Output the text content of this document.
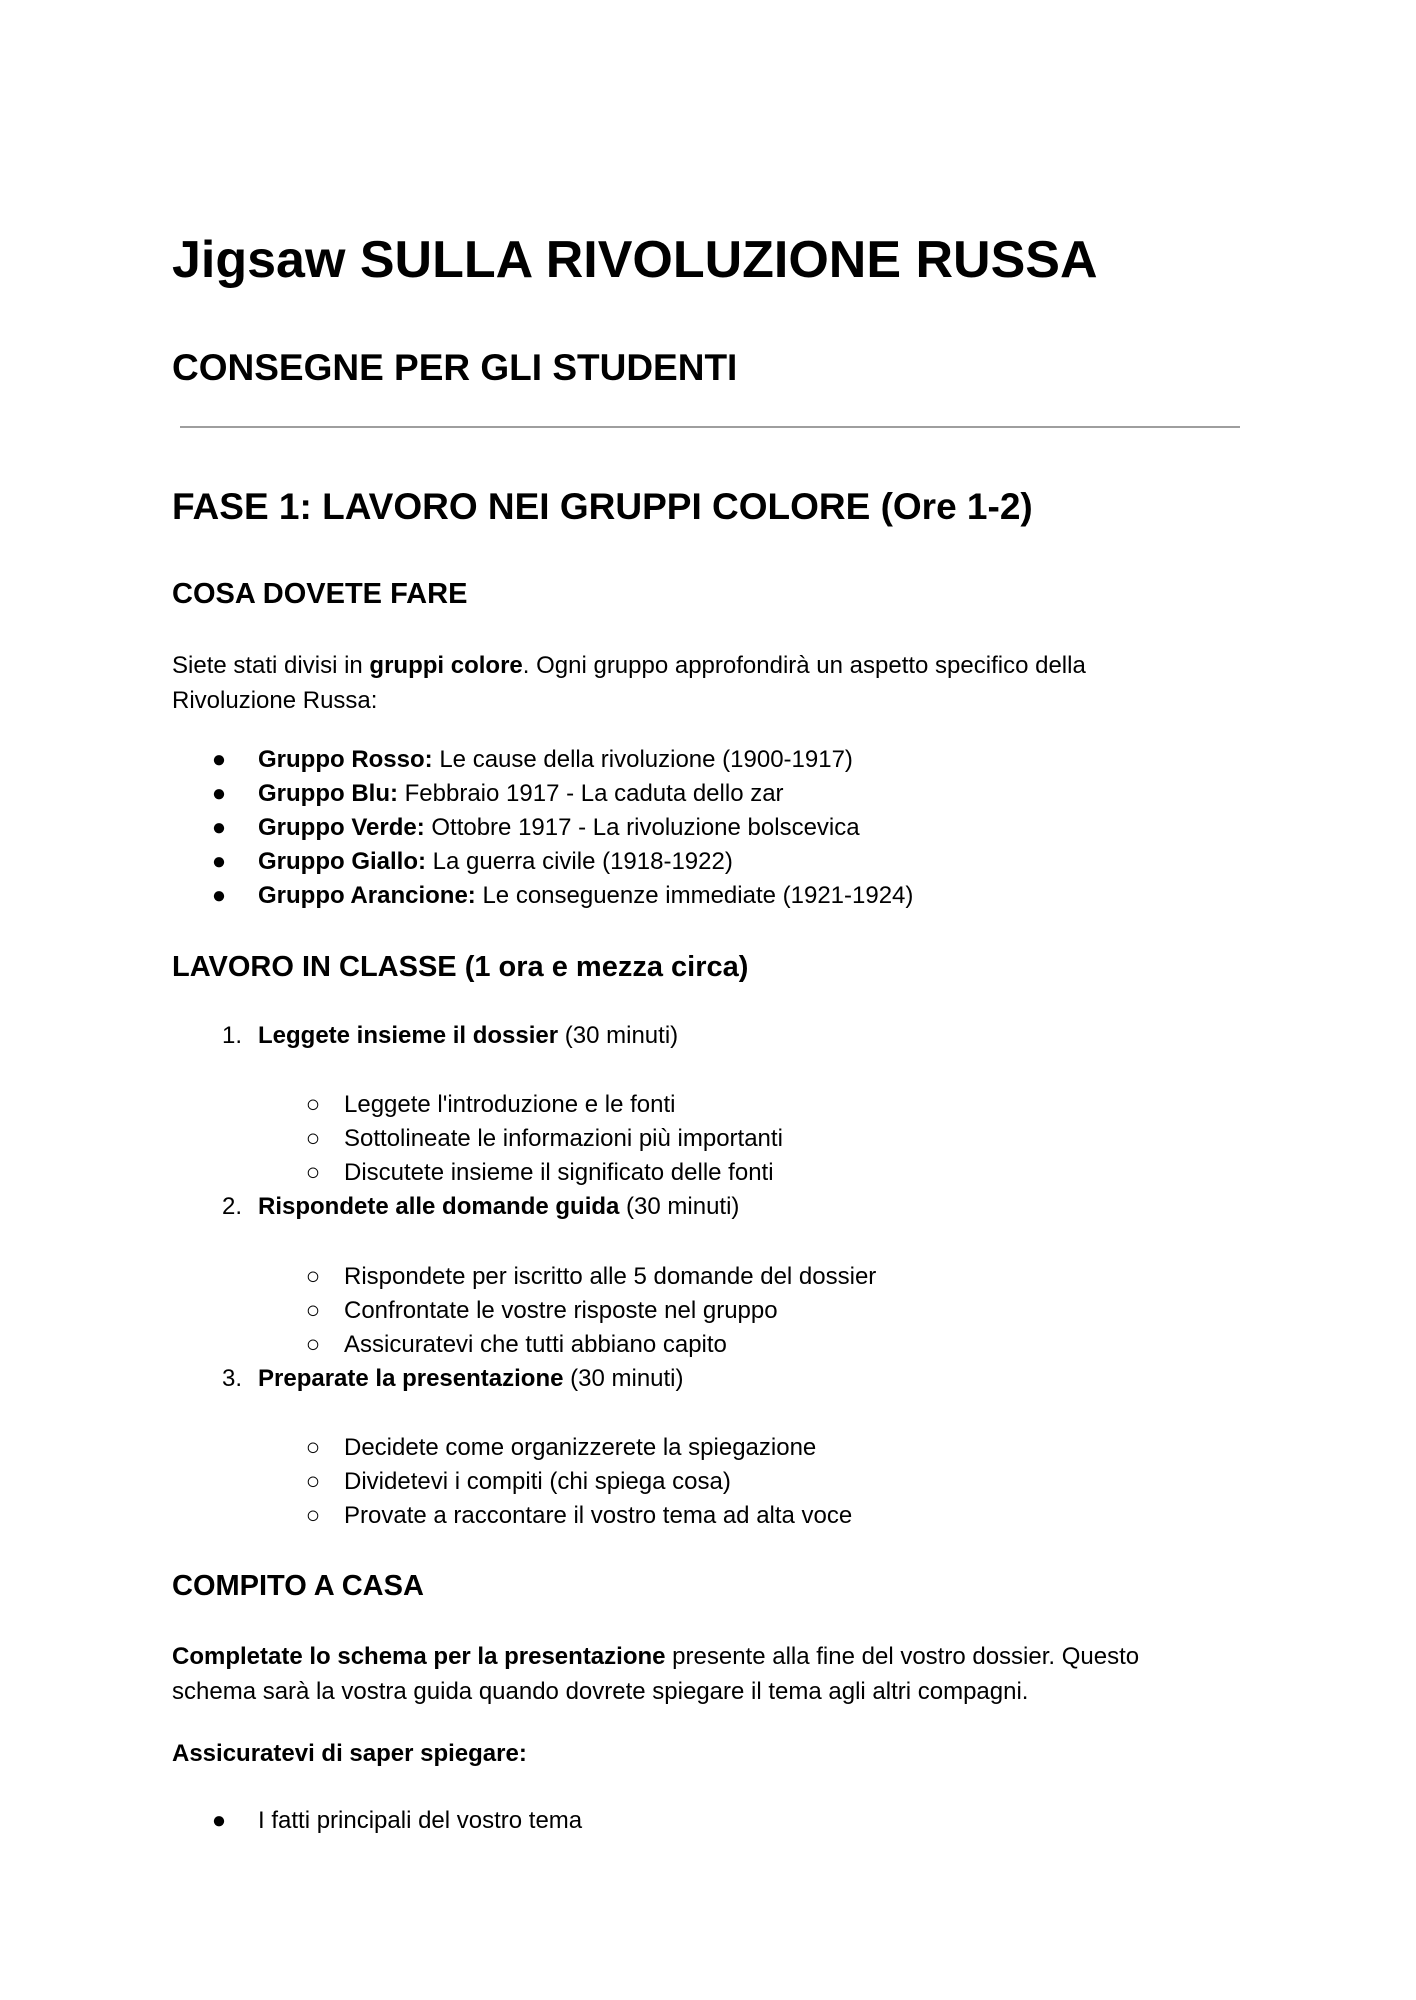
Jigsaw SULLA RIVOLUZIONE RUSSA
CONSEGNE PER GLI STUDENTI
FASE 1: LAVORO NEI GRUPPI COLORE (Ore 1-2)
COSA DOVETE FARE
Siete stati divisi in gruppi colore. Ogni gruppo approfondirà un aspetto specifico della
Rivoluzione Russa:
● Gruppo Rosso: Le cause della rivoluzione (1900-1917)
● Gruppo Blu: Febbraio 1917 - La caduta dello zar
● Gruppo Verde: Ottobre 1917 - La rivoluzione bolscevica
● Gruppo Giallo: La guerra civile (1918-1922)
● Gruppo Arancione: Le conseguenze immediate (1921-1924)
LAVORO IN CLASSE (1 ora e mezza circa)
1. Leggete insieme il dossier (30 minuti)
○ Leggete l'introduzione e le fonti
○ Sottolineate le informazioni più importanti
○ Discutete insieme il significato delle fonti
2. Rispondete alle domande guida (30 minuti)
○ Rispondete per iscritto alle 5 domande del dossier
○ Confrontate le vostre risposte nel gruppo
○ Assicuratevi che tutti abbiano capito
3. Preparate la presentazione (30 minuti)
○ Decidete come organizzerete la spiegazione
○ Dividetevi i compiti (chi spiega cosa)
○ Provate a raccontare il vostro tema ad alta voce
COMPITO A CASA
Completate lo schema per la presentazione presente alla fine del vostro dossier. Questo
schema sarà la vostra guida quando dovrete spiegare il tema agli altri compagni.
Assicuratevi di saper spiegare:
● I fatti principali del vostro tema
